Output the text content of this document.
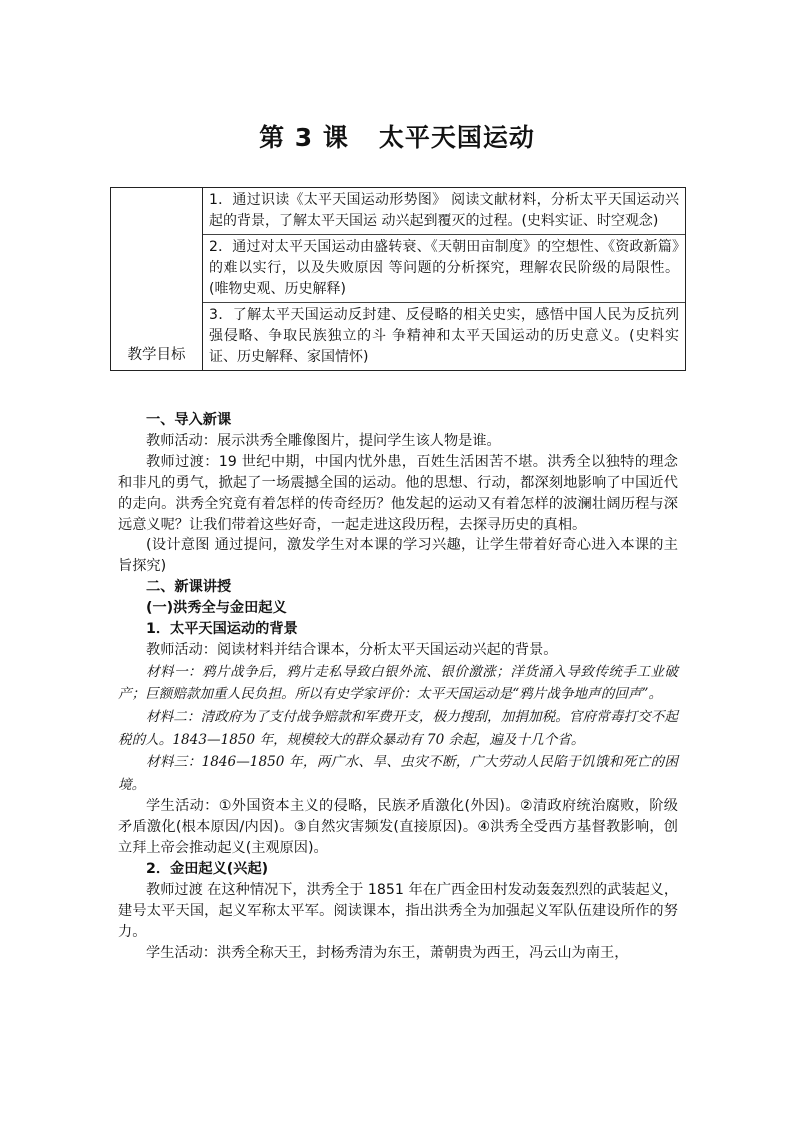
第 3 课 太平天国运动
教学目标	
1．通过识读《太平天国运动形势图》 阅读文献材料，分析太平天国运动兴起的背景，了解太平天国运 动兴起到覆灭的过程。(史料实证、时空观念)
2．通过对太平天国运动由盛转衰、《天朝田亩制度》的空想性、《资政新篇》的难以实行，以及失败原因 等问题的分析探究，理解农民阶级的局限性。(唯物史观、历史解释)
3．了解太平天国运动反封建、反侵略的相关史实，感悟中国人民为反抗列强侵略、争取民族独立的斗 争精神和太平天国运动的历史意义。(史料实证、历史解释、家国情怀)

一、导入新课

教师活动：展示洪秀全雕像图片，提问学生该人物是谁。

教师过渡：19 世纪中期，中国内忧外患，百姓生活困苦不堪。洪秀全以独特的理念和非凡的勇气，掀起了一场震撼全国的运动。他的思想、行动，都深刻地影响了中国近代的走向。洪秀全究竟有着怎样的传奇经历？他发起的运动又有着怎样的波澜壮阔历程与深远意义呢？让我们带着这些好奇，一起走进这段历程，去探寻历史的真相。

(设计意图 通过提问，激发学生对本课的学习兴趣，让学生带着好奇心进入本课的主旨探究)

二、新课讲授

(一)洪秀全与金田起义

1．太平天国运动的背景

教师活动：阅读材料并结合课本，分析太平天国运动兴起的背景。

材料一：鸦片战争后，鸦片走私导致白银外流、银价激涨；洋货涌入导致传统手工业破产；巨额赔款加重人民负担。所以有史学家评价：太平天国运动是“鸦片战争地声的回声”。

材料二：清政府为了支付战争赔款和军费开支，极力搜刮，加捐加税。官府常毒打交不起税的人。1843—1850 年，规模较大的群众暴动有 70 余起，遍及十几个省。

材料三：1846—1850 年，两广水、旱、虫灾不断，广大劳动人民陷于饥饿和死亡的困境。

学生活动：①外国资本主义的侵略，民族矛盾激化(外因)。②清政府统治腐败，阶级矛盾激化(根本原因/内因)。③自然灾害频发(直接原因)。④洪秀全受西方基督教影响，创立拜上帝会推动起义(主观原因)。

2．金田起义(兴起)

教师过渡 在这种情况下，洪秀全于 1851 年在广西金田村发动轰轰烈烈的武装起义，建号太平天国，起义军称太平军。阅读课本，指出洪秀全为加强起义军队伍建设所作的努力。

学生活动：洪秀全称天王，封杨秀清为东王，萧朝贵为西王，冯云山为南王，
